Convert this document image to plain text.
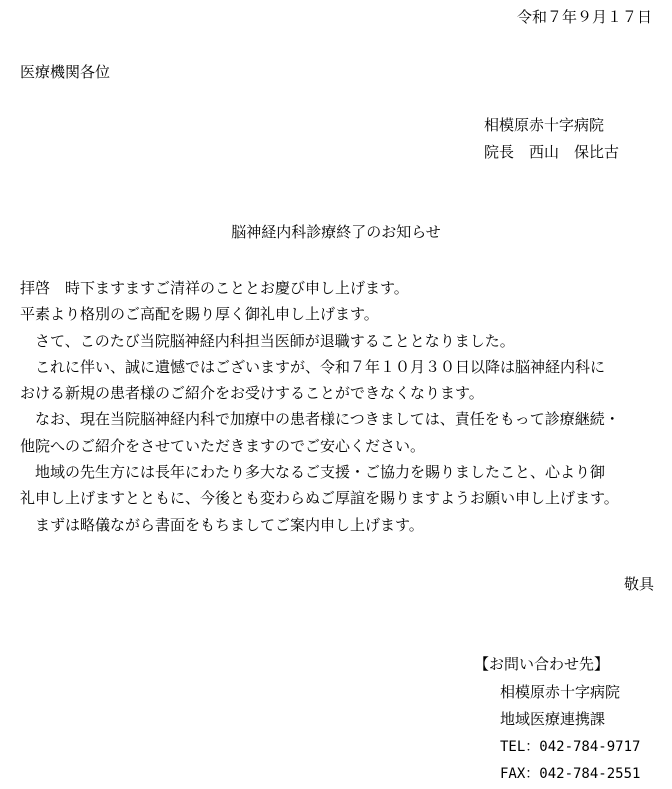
令和７年９月１７日
医療機関各位
相模原赤十字病院
院長　西山　保比古
脳神経内科診療終了のお知らせ
拝啓　時下ますますご清祥のこととお慶び申し上げます。
平素より格別のご高配を賜り厚く御礼申し上げます。
　さて、このたび当院脳神経内科担当医師が退職することとなりました。
　これに伴い、誠に遺憾ではございますが、令和７年１０月３０日以降は脳神経内科に
おける新規の患者様のご紹介をお受けすることができなくなります。
　なお、現在当院脳神経内科で加療中の患者様につきましては、責任をもって診療継続・
他院へのご紹介をさせていただきますのでご安心ください。
　地域の先生方には長年にわたり多大なるご支援・ご協力を賜りましたこと、心より御
礼申し上げますとともに、今後とも変わらぬご厚誼を賜りますようお願い申し上げます。
　まずは略儀ながら書面をもちましてご案内申し上げます。
敬具
【お問い合わせ先】
相模原赤十字病院
地域医療連携課
TEL：042-784-9717
FAX：042-784-2551
